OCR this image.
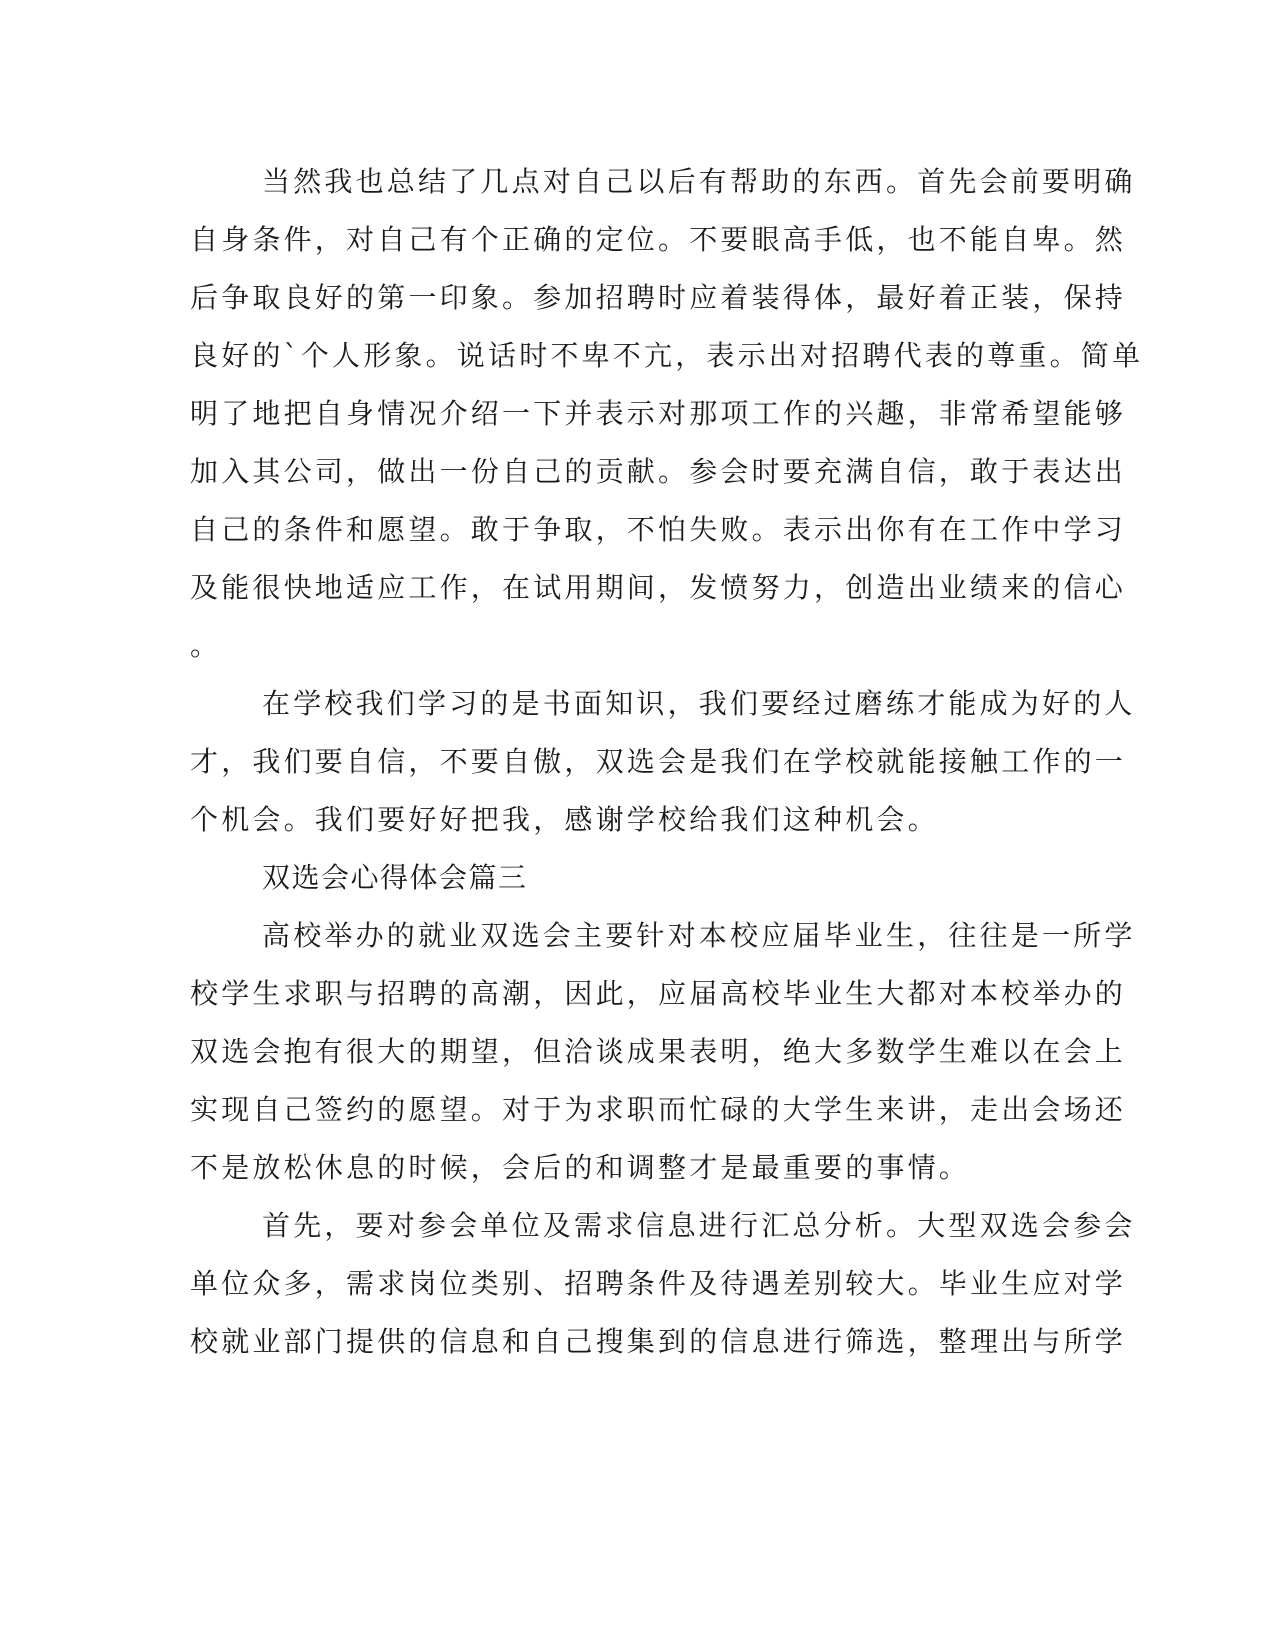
当然我也总结了几点对自己以后有帮助的东西。首先会前要明确
自身条件，对自己有个正确的定位。不要眼高手低，也不能自卑。然
后争取良好的第一印象。参加招聘时应着装得体，最好着正装，保持
良好的`个人形象。说话时不卑不亢，表示出对招聘代表的尊重。简单
明了地把自身情况介绍一下并表示对那项工作的兴趣，非常希望能够
加入其公司，做出一份自己的贡献。参会时要充满自信，敢于表达出
自己的条件和愿望。敢于争取，不怕失败。表示出你有在工作中学习
及能很快地适应工作，在试用期间，发愤努力，创造出业绩来的信心
。
在学校我们学习的是书面知识，我们要经过磨练才能成为好的人
才，我们要自信，不要自傲，双选会是我们在学校就能接触工作的一
个机会。我们要好好把我，感谢学校给我们这种机会。
双选会心得体会篇三
高校举办的就业双选会主要针对本校应届毕业生，往往是一所学
校学生求职与招聘的高潮，因此，应届高校毕业生大都对本校举办的
双选会抱有很大的期望，但洽谈成果表明，绝大多数学生难以在会上
实现自己签约的愿望。对于为求职而忙碌的大学生来讲，走出会场还
不是放松休息的时候，会后的和调整才是最重要的事情。
首先，要对参会单位及需求信息进行汇总分析。大型双选会参会
单位众多，需求岗位类别、招聘条件及待遇差别较大。毕业生应对学
校就业部门提供的信息和自己搜集到的信息进行筛选，整理出与所学
